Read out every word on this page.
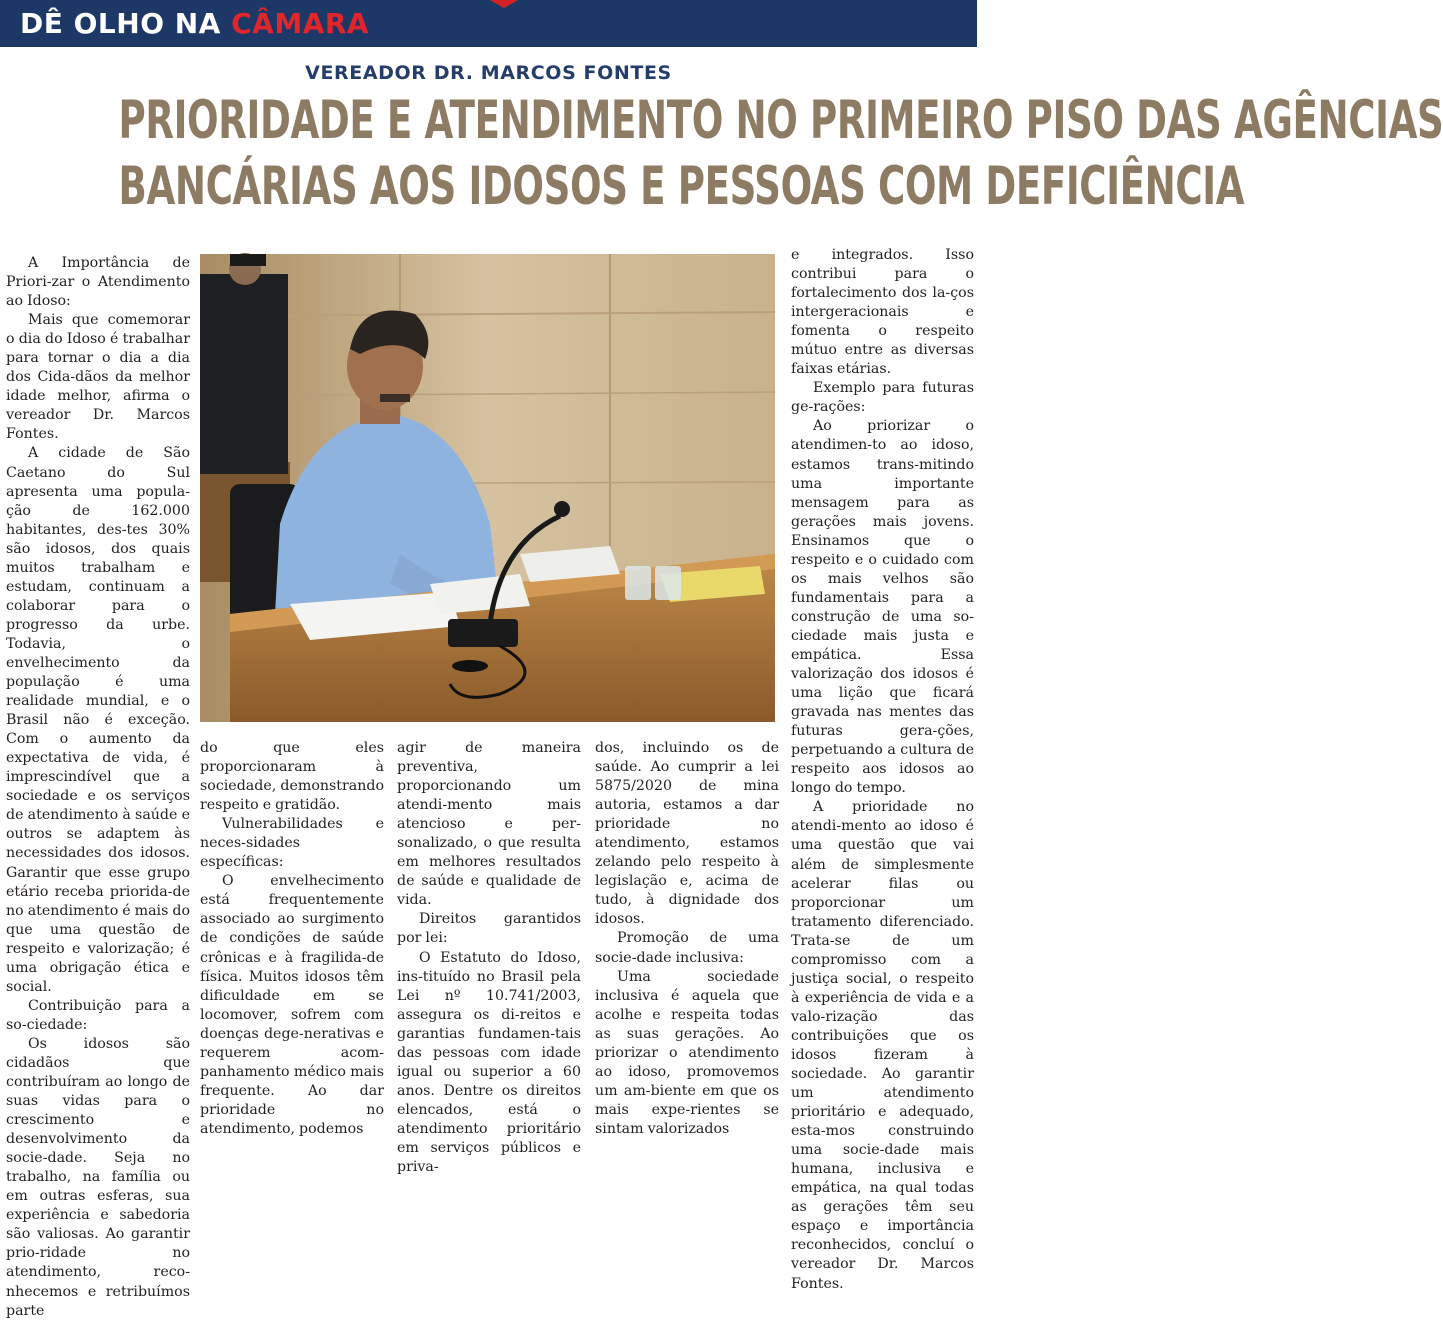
DÊ OLHO NA CÂMARA
VEREADOR DR. MARCOS FONTES
PRIORIDADE E ATENDIMENTO NO PRIMEIRO PISO DAS AGÊNCIAS
BANCÁRIAS AOS IDOSOS E PESSOAS COM DEFICIÊNCIA

A Importância de Priori-zar o Atendimento ao Idoso:

Mais que comemorar o dia do Idoso é trabalhar para tornar o dia a dia dos Cida-dãos da melhor idade melhor, afirma o vereador Dr. Marcos Fontes.

A cidade de São Caetano do Sul apresenta uma popula-ção de 162.000 habitantes, des-tes 30% são idosos, dos quais muitos trabalham e estudam, continuam a colaborar para o progresso da urbe. Todavia, o envelhecimento da população é uma realidade mundial, e o Brasil não é exceção. Com o aumento da expectativa de vida, é imprescindível que a sociedade e os serviços de atendimento à saúde e outros se adaptem às necessidades dos idosos. Garantir que esse grupo etário receba priorida-de no atendimento é mais do que uma questão de respeito e valorização; é uma obrigação ética e social.

Contribuição para a so-ciedade:

Os idosos são cidadãos que contribuíram ao longo de suas vidas para o crescimento e desenvolvimento da socie-dade. Seja no trabalho, na família ou em outras esferas, sua experiência e sabedoria são valiosas. Ao garantir prio-ridade no atendimento, reco-nhecemos e retribuímos parte

do que eles proporcionaram à sociedade, demonstrando respeito e gratidão.

Vulnerabilidades e neces-sidades específicas:

O envelhecimento está frequentemente associado ao surgimento de condições de saúde crônicas e à fragilida-de física. Muitos idosos têm dificuldade em se locomover, sofrem com doenças dege-nerativas e requerem acom-panhamento médico mais frequente. Ao dar prioridade no atendimento, podemos

agir de maneira preventiva, proporcionando um atendi-mento mais atencioso e per-sonalizado, o que resulta em melhores resultados de saúde e qualidade de vida.

Direitos garantidos por lei:

O Estatuto do Idoso, ins-tituído no Brasil pela Lei nº 10.741/2003, assegura os di-reitos e garantias fundamen-tais das pessoas com idade igual ou superior a 60 anos. Dentre os direitos elencados, está o atendimento prioritário em serviços públicos e priva-

dos, incluindo os de saúde. Ao cumprir a lei 5875/2020 de mina autoria, estamos a dar prioridade no atendimento, estamos zelando pelo respeito à legislação e, acima de tudo, à dignidade dos idosos.

Promoção de uma socie-dade inclusiva:

Uma sociedade inclusiva é aquela que acolhe e respeita todas as suas gerações. Ao priorizar o atendimento ao idoso, promovemos um am-biente em que os mais expe-rientes se sintam valorizados

e integrados. Isso contribui para o fortalecimento dos la-ços intergeracionais e fomenta o respeito mútuo entre as diversas faixas etárias.

Exemplo para futuras ge-rações:

Ao priorizar o atendimen-to ao idoso, estamos trans-mitindo uma importante mensagem para as gerações mais jovens. Ensinamos que o respeito e o cuidado com os mais velhos são fundamentais para a construção de uma so-ciedade mais justa e empática. Essa valorização dos idosos é uma lição que ficará gravada nas mentes das futuras gera-ções, perpetuando a cultura de respeito aos idosos ao longo do tempo.

A prioridade no atendi-mento ao idoso é uma questão que vai além de simplesmente acelerar filas ou proporcionar um tratamento diferenciado. Trata-se de um compromisso com a justiça social, o respeito à experiência de vida e a valo-rização das contribuições que os idosos fizeram à sociedade. Ao garantir um atendimento prioritário e adequado, esta-mos construindo uma socie-dade mais humana, inclusiva e empática, na qual todas as gerações têm seu espaço e importância reconhecidos, concluí o vereador Dr. Marcos Fontes.
